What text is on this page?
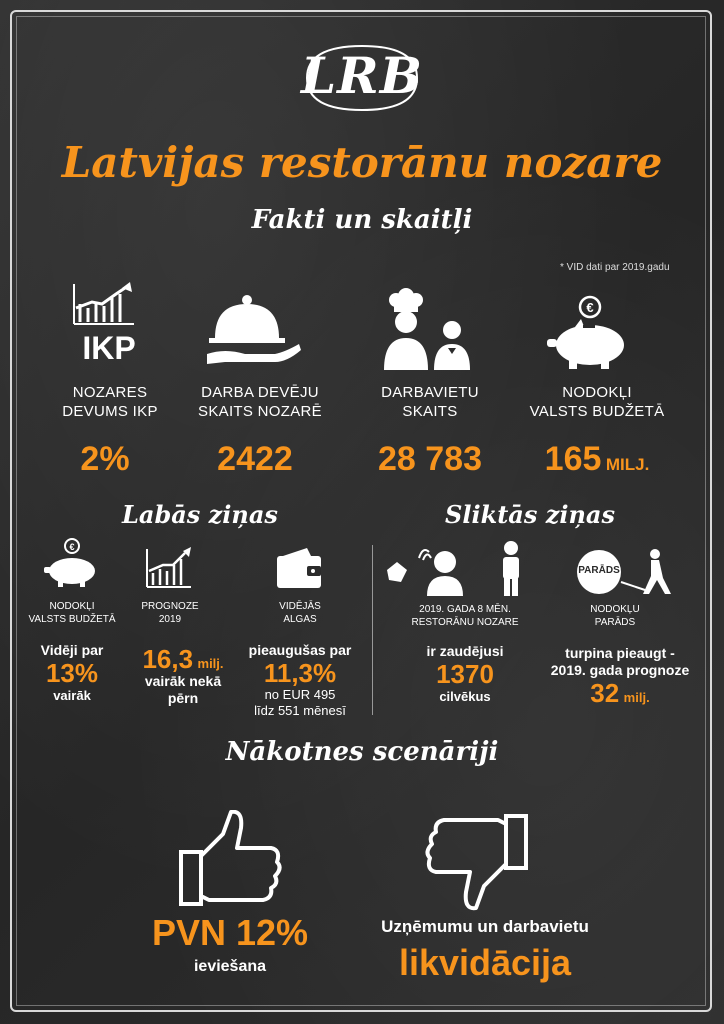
LRB
Latvijas restorānu nozare
Fakti un skaitļi
* VID dati par 2019.gadu
IKP
€
NOZARES
DEVUMS IKP
DARBA DEVĒJU
SKAITS NOZARĒ
DARBAVIETU
SKAITS
NODOKĻI
VALSTS BUDŽETĀ
2%	2422	28 783	165 MILJ.
Labās ziņas	Sliktās ziņas
€
NODOKĻI
VALSTS BUDŽETĀ
PROGNOZE
2019
VIDĒJĀS
ALGAS
Vidēji par
13%
vairāk
16,3 milj.
vairāk nekā
pērn
pieaugušas par
11,3%
no EUR 495
līdz 551 mēnesī
PARĀDS
2019. GADA 8 MĒN.
RESTORĀNU NOZARE
NODOKĻU
PARĀDS
ir zaudējusi
1370
cilvēkus
turpina pieaugt -
2019. gada prognoze
32 milj.
Nākotnes scenāriji
PVN 12%
ieviešana
Uzņēmumu un darbavietu
likvidācija
